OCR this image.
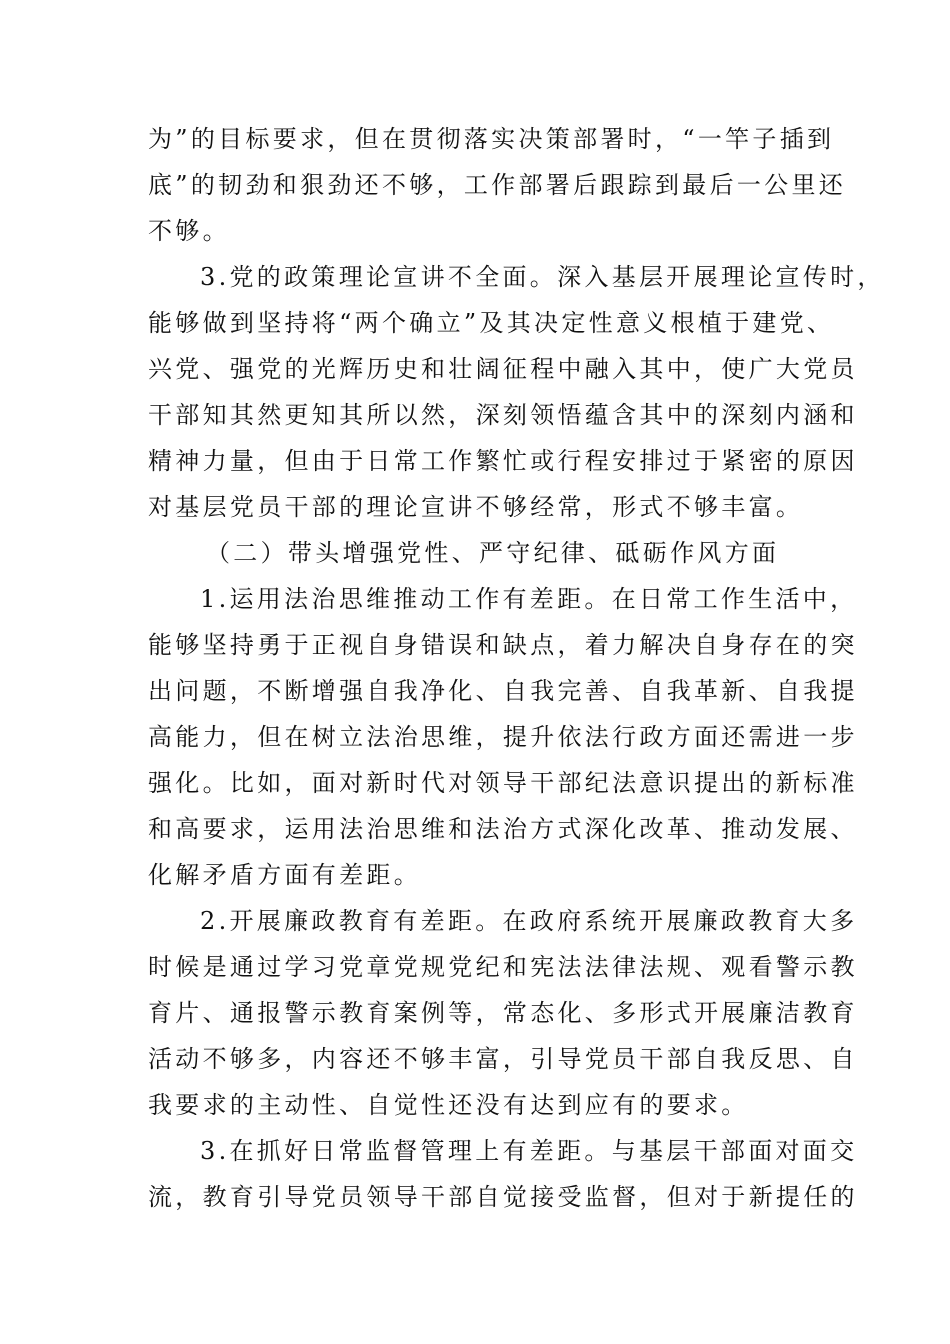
为”的目标要求，但在贯彻落实决策部署时，“一竿子插到
底”的韧劲和狠劲还不够，工作部署后跟踪到最后一公里还
不够。
3.党的政策理论宣讲不全面。深入基层开展理论宣传时，
能够做到坚持将“两个确立”及其决定性意义根植于建党、
兴党、强党的光辉历史和壮阔征程中融入其中，使广大党员
干部知其然更知其所以然，深刻领悟蕴含其中的深刻内涵和
精神力量，但由于日常工作繁忙或行程安排过于紧密的原因
对基层党员干部的理论宣讲不够经常，形式不够丰富。
（二）带头增强党性、严守纪律、砥砺作风方面
1.运用法治思维推动工作有差距。在日常工作生活中，
能够坚持勇于正视自身错误和缺点，着力解决自身存在的突
出问题，不断增强自我净化、自我完善、自我革新、自我提
高能力，但在树立法治思维，提升依法行政方面还需进一步
强化。比如，面对新时代对领导干部纪法意识提出的新标准
和高要求，运用法治思维和法治方式深化改革、推动发展、
化解矛盾方面有差距。
2.开展廉政教育有差距。在政府系统开展廉政教育大多
时候是通过学习党章党规党纪和宪法法律法规、观看警示教
育片、通报警示教育案例等，常态化、多形式开展廉洁教育
活动不够多，内容还不够丰富，引导党员干部自我反思、自
我要求的主动性、自觉性还没有达到应有的要求。
3.在抓好日常监督管理上有差距。与基层干部面对面交
流，教育引导党员领导干部自觉接受监督，但对于新提任的
